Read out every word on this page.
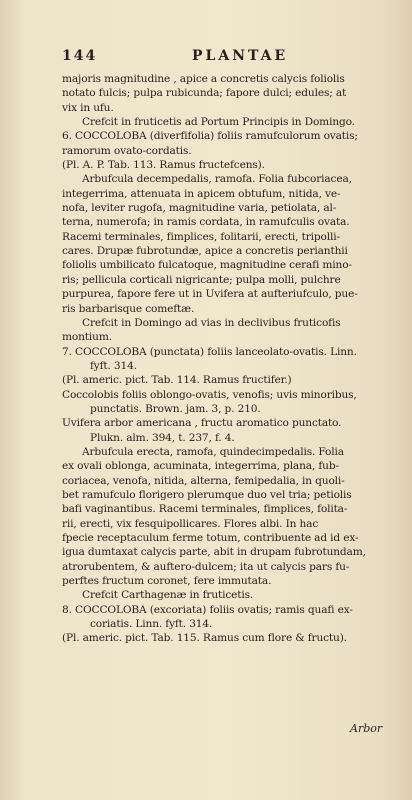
144	PLANTAE
majoris magnitudine , apice a concretis calycis foliolis
notato fulcis; pulpa rubicunda; fapore dulci; edules; at
vix in ufu.
Crefcit in fruticetis ad Portum Principis in Domingo.
6. COCCOLOBA (diverfifolia) foliis ramufculorum ovatis;
ramorum ovato-cordatis.
(Pl. A. P. Tab. 113. Ramus fructefcens).
Arbufcula decempedalis, ramofa. Folia fubcoriacea,
integerrima, attenuata in apicem obtufum, nitida, ve-
nofa, leviter rugofa, magnitudine varia, petiolata, al-
terna, numerofa; in ramis cordata, in ramufculis ovata.
Racemi terminales, fimplices, folitarii, erecti, tripolli-
cares. Drupæ fubrotundæ, apice a concretis perianthii
foliolis umbilicato fulcatoque, magnitudine cerafi mino-
ris; pellicula corticali nigricante; pulpa molli, pulchre
purpurea, fapore fere ut in Uvifera at aufteriufculo, pue-
ris barbarisque comeftæ.
Crefcit in Domingo ad vias in declivibus fruticofis
montium.
7. COCCOLOBA (punctata) foliis lanceolato-ovatis. Linn.
fyft. 314.
(Pl. americ. pict. Tab. 114. Ramus fructifer.)
Coccolobis foliis oblongo-ovatis, venofis; uvis minoribus,
punctatis. Brown. jam. 3, p. 210.
Uvifera arbor americana , fructu aromatico punctato.
Plukn. alm. 394, t. 237, f. 4.
Arbufcula erecta, ramofa, quindecimpedalis. Folia
ex ovali oblonga, acuminata, integerrima, plana, fub-
coriacea, venofa, nitida, alterna, femipedalia, in quoli-
bet ramufculo florigero plerumque duo vel tria; petiolis
bafi vaginantibus. Racemi terminales, fimplices, folita-
rii, erecti, vix fesquipollicares. Flores albi. In hac
fpecie receptaculum ferme totum, contribuente ad id ex-
igua dumtaxat calycis parte, abit in drupam fubrotundam,
atrorubentem, & auftero-dulcem; ita ut calycis pars fu-
perftes fructum coronet, fere immutata.
Crefcit Carthagenæ in fruticetis.
8. COCCOLOBA (excoriata) foliis ovatis; ramis quafi ex-
coriatis. Linn. fyft. 314.
(Pl. americ. pict. Tab. 115. Ramus cum flore & fructu).
Arbor
